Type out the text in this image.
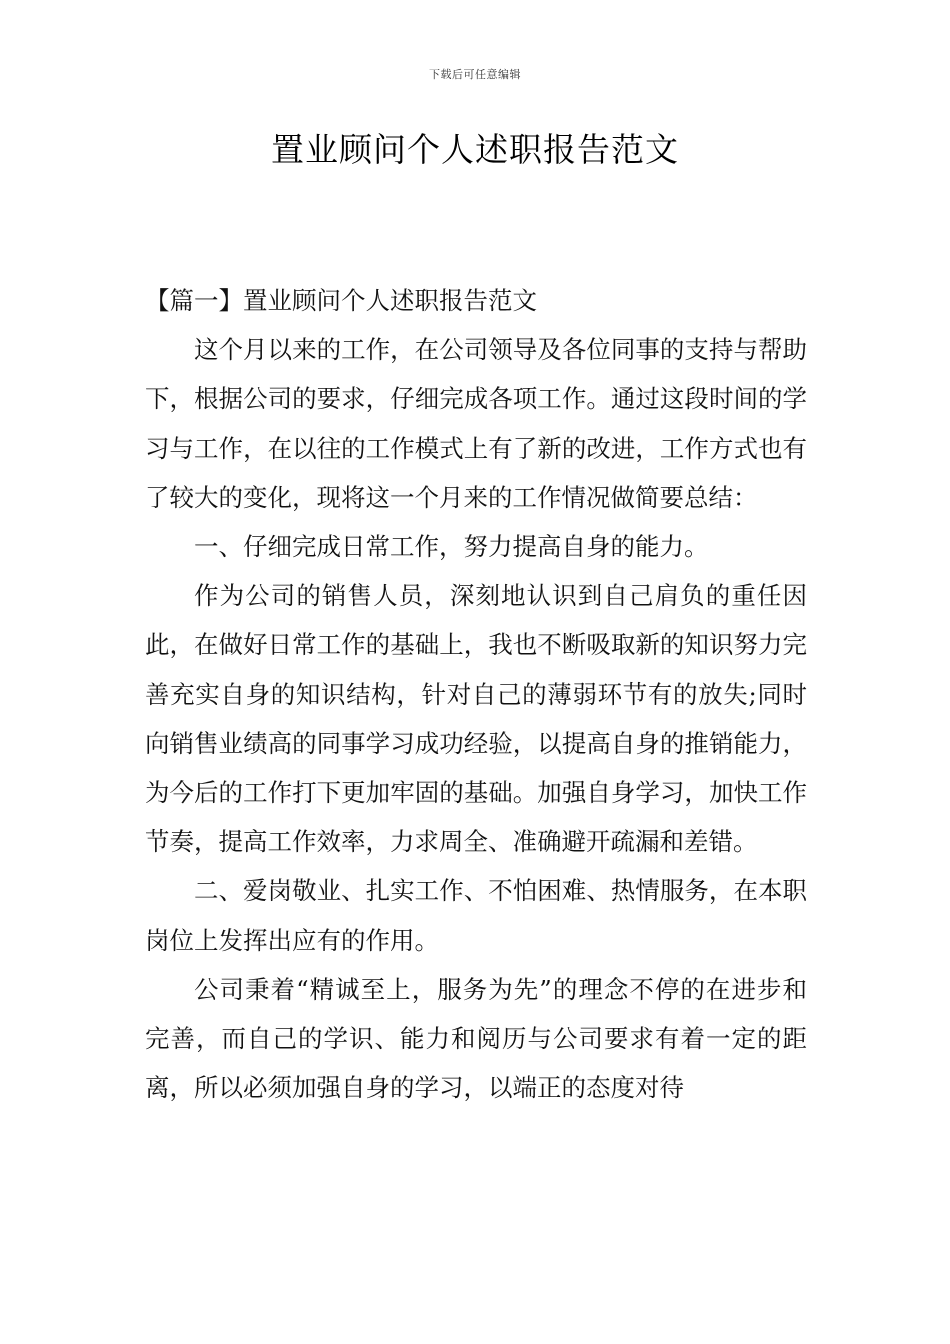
下载后可任意编辑
置业顾问个人述职报告范文
【篇一】置业顾问个人述职报告范文

这个月以来的工作，在公司领导及各位同事的支持与帮助下，根据公司的要求，仔细完成各项工作。通过这段时间的学习与工作，在以往的工作模式上有了新的改进，工作方式也有了较大的变化，现将这一个月来的工作情况做简要总结：

一、仔细完成日常工作，努力提高自身的能力。

作为公司的销售人员，深刻地认识到自己肩负的重任因此，在做好日常工作的基础上，我也不断吸取新的知识努力完善充实自身的知识结构，针对自己的薄弱环节有的放失;同时向销售业绩高的同事学习成功经验，以提高自身的推销能力，为今后的工作打下更加牢固的基础。加强自身学习，加快工作节奏，提高工作效率，力求周全、准确避开疏漏和差错。

二、爱岗敬业、扎实工作、不怕困难、热情服务，在本职岗位上发挥出应有的作用。

公司秉着“精诚至上，服务为先”的理念不停的在进步和完善，而自己的学识、能力和阅历与公司要求有着一定的距离，所以必须加强自身的学习，以端正的态度对待
